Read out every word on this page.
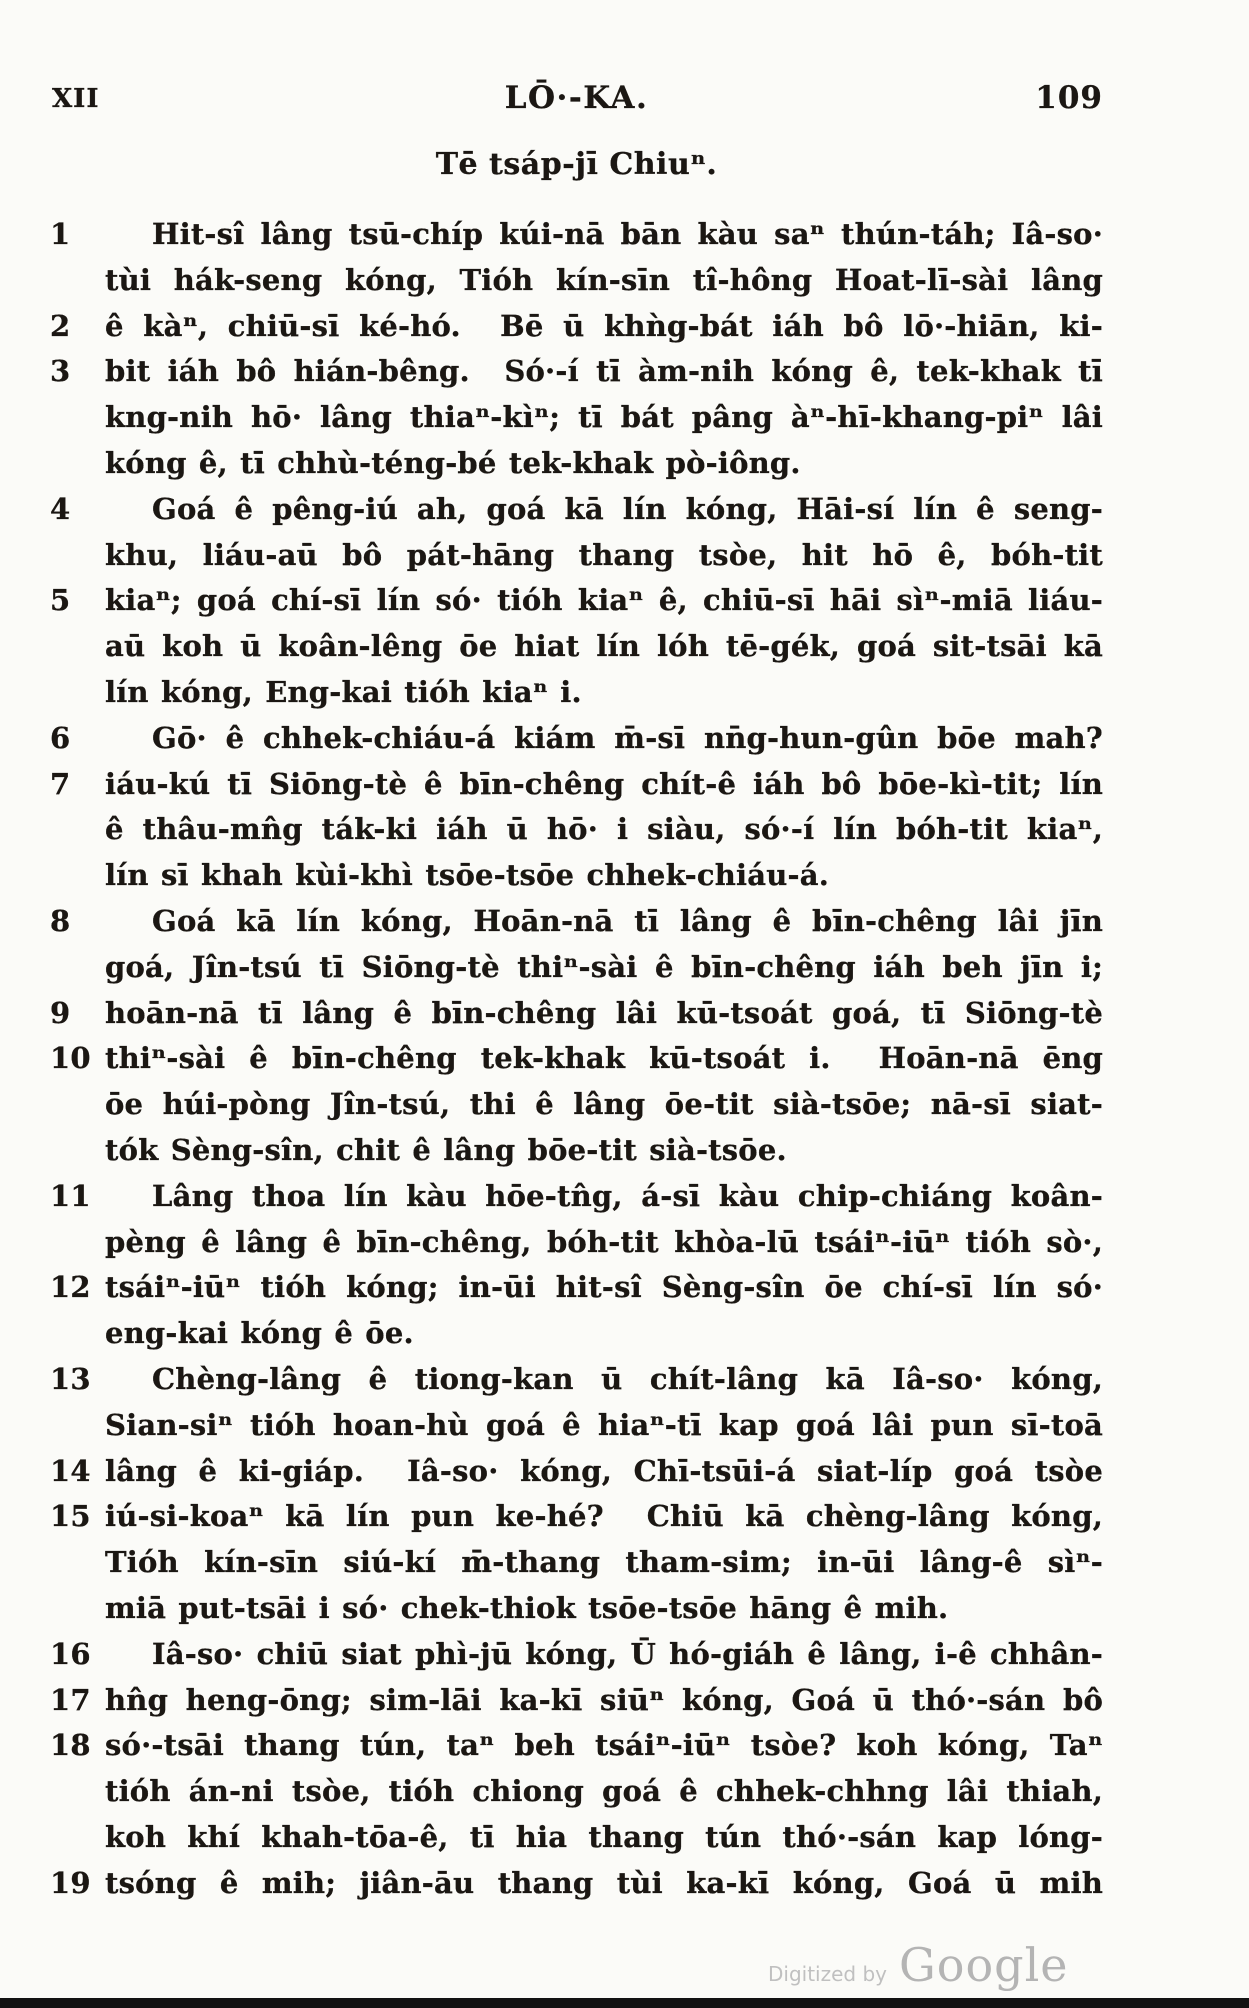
XII	LŌ·-KA.	109
Tē tsáp-jī Chiuⁿ.
1	Hit-sî lâng tsū-chíp kúi-nā bān kàu saⁿ thún-táh; Iâ-so·
tùi hák-seng kóng, Tióh kín-sīn tî-hông Hoat-lī-sài lâng
2	ê kàⁿ, chiū-sī ké-hó.  Bē ū khǹg-bát iáh bô lō·-hiān, ki-
3	bit iáh bô hián-bêng.  Só·-í tī àm-nih kóng ê, tek-khak tī
kng-nih hō· lâng thiaⁿ-kìⁿ; tī bát pâng àⁿ-hī-khang-piⁿ lâi
kóng ê, tī chhù-téng-bé tek-khak pò-iông.
4	Goá ê pêng-iú ah, goá kā lín kóng, Hāi-sí lín ê seng-
khu, liáu-aū bô pát-hāng thang tsòe, hit hō ê, bóh-tit
5	kiaⁿ; goá chí-sī lín só· tióh kiaⁿ ê, chiū-sī hāi sìⁿ-miā liáu-
aū koh ū koân-lêng ōe hiat lín lóh tē-gék, goá sit-tsāi kā
lín kóng, Eng-kai tióh kiaⁿ i.
6	Gō· ê chhek-chiáu-á kiám m̄-sī nn̄g-hun-gûn bōe mah?
7	iáu-kú tī Siōng-tè ê bīn-chêng chít-ê iáh bô bōe-kì-tit; lín
ê thâu-mn̂g ták-ki iáh ū hō· i siàu, só·-í lín bóh-tit kiaⁿ,
lín sī khah kùi-khì tsōe-tsōe chhek-chiáu-á.
8	Goá kā lín kóng, Hoān-nā tī lâng ê bīn-chêng lâi jīn
goá, Jîn-tsú tī Siōng-tè thiⁿ-sài ê bīn-chêng iáh beh jīn i;
9	hoān-nā tī lâng ê bīn-chêng lâi kū-tsoát goá, tī Siōng-tè
10 thiⁿ-sài ê bīn-chêng tek-khak kū-tsoát i.  Hoān-nā ēng
ōe húi-pòng Jîn-tsú, thi ê lâng ōe-tit sià-tsōe; nā-sī siat-
tók Sèng-sîn, chit ê lâng bōe-tit sià-tsōe.
11	Lâng thoa lín kàu hōe-tn̂g, á-sī kàu chip-chiáng koân-
pèng ê lâng ê bīn-chêng, bóh-tit khòa-lū tsáiⁿ-iūⁿ tióh sò·,
12 tsáiⁿ-iūⁿ tióh kóng; in-ūi hit-sî Sèng-sîn ōe chí-sī lín só·
eng-kai kóng ê ōe.
13	Chèng-lâng ê tiong-kan ū chít-lâng kā Iâ-so· kóng,
Sian-siⁿ tióh hoan-hù goá ê hiaⁿ-tī kap goá lâi pun sī-toā
14 lâng ê ki-giáp.  Iâ-so· kóng, Chī-tsūi-á siat-líp goá tsòe
15 iú-si-koaⁿ kā lín pun ke-hé?  Chiū kā chèng-lâng kóng,
Tióh kín-sīn siú-kí m̄-thang tham-sim; in-ūi lâng-ê sìⁿ-
miā put-tsāi i só· chek-thiok tsōe-tsōe hāng ê mih.
16	Iâ-so· chiū siat phì-jū kóng, Ū hó-giáh ê lâng, i-ê chhân-
17 hn̂g heng-ōng; sim-lāi ka-kī siūⁿ kóng, Goá ū thó·-sán bô
18 só·-tsāi thang tún, taⁿ beh tsáiⁿ-iūⁿ tsòe? koh kóng, Taⁿ
tióh án-ni tsòe, tióh chiong goá ê chhek-chhng lâi thiah,
koh khí khah-tōa-ê, tī hia thang tún thó·-sán kap lóng-
19 tsóng ê mih; jiân-āu thang tùi ka-kī kóng, Goá ū mih
Digitized by Google
